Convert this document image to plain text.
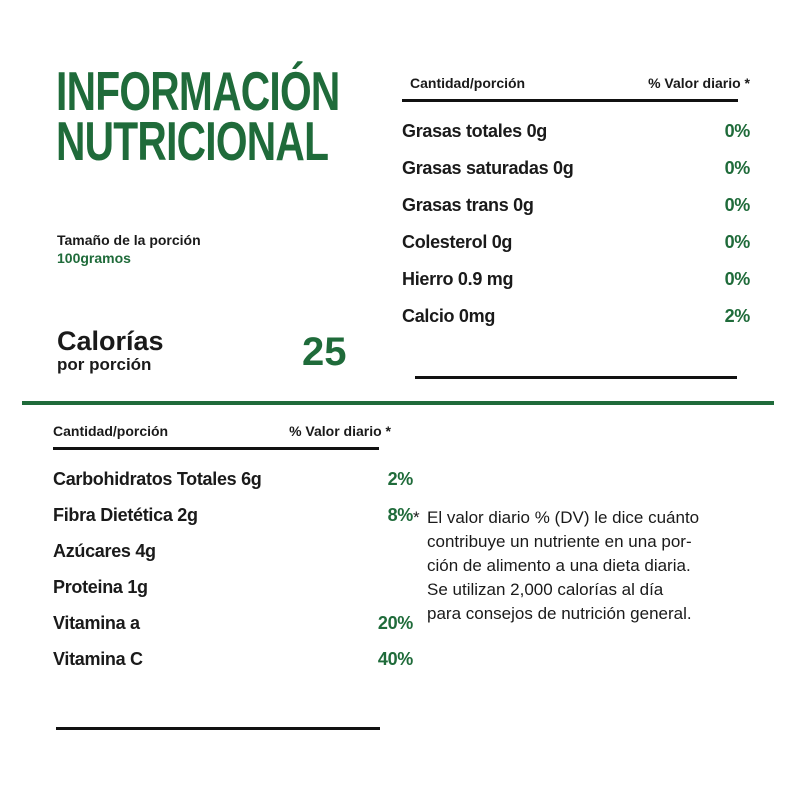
INFORMACIÓN
NUTRICIONAL
Tamaño de la porción
100gramos
Calorías
por porción	25
Cantidad/porción	% Valor diario *
Grasas totales 0g	0%
Grasas saturadas 0g	0%
Grasas trans 0g	0%
Colesterol 0g	0%
Hierro 0.9 mg	0%
Calcio 0mg	2%
Cantidad/porción	% Valor diario *
Carbohidratos Totales 6g	2%
Fibra Dietética 2g	8%
Azúcares 4g
Proteina 1g
Vitamina a	20%
Vitamina C	40%
* El valor diario % (DV) le dice cuánto
contribuye un nutriente en una por-
ción de alimento a una dieta diaria.
Se utilizan 2,000 calorías al día
para consejos de nutrición general.
